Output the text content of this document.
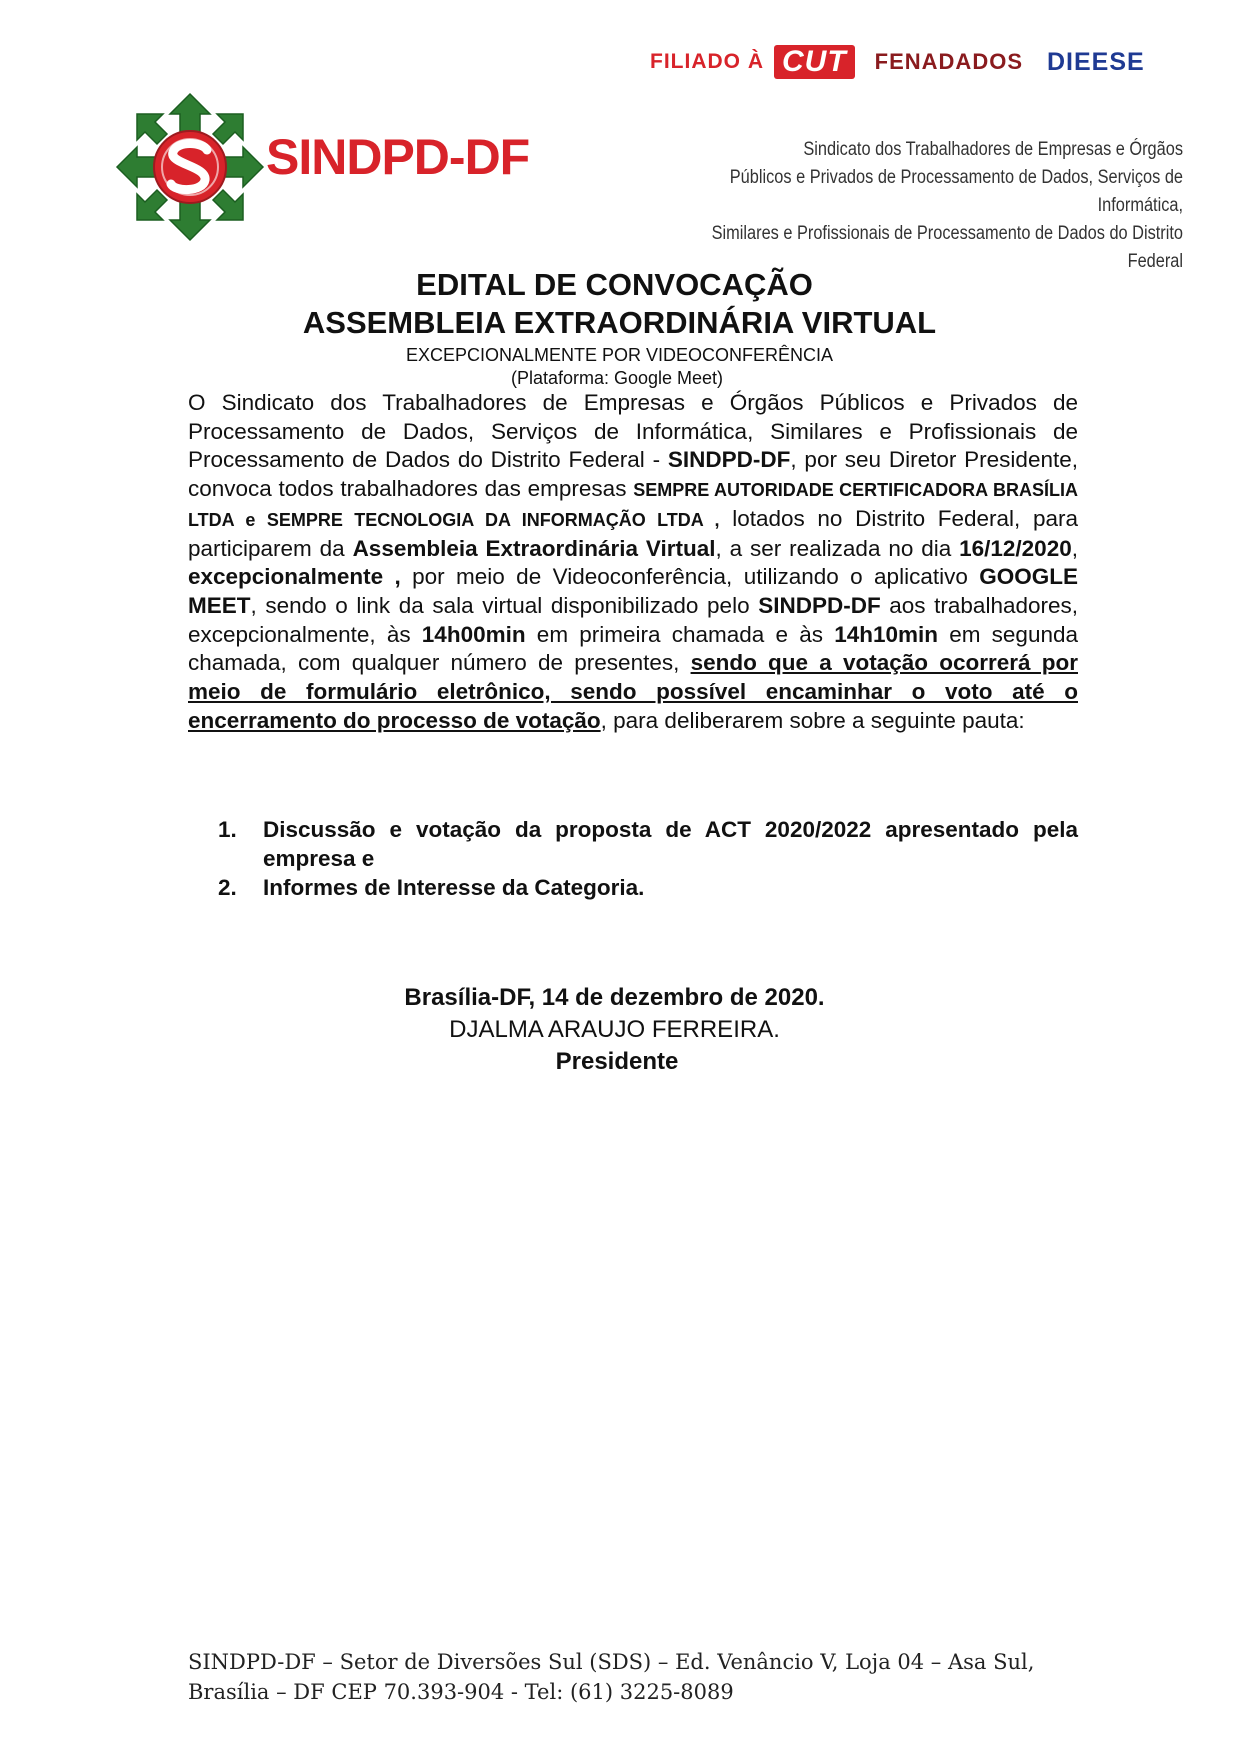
FILIADO À CUT	FENADADOS DIEESE
SINDPD-DF	Sindicato dos Trabalhadores de Empresas e Órgãos
Públicos e Privados de Processamento de Dados, Serviços de Informática,
Similares e Profissionais de Processamento de Dados do Distrito Federal
EDITAL DE CONVOCAÇÃO
ASSEMBLEIA EXTRAORDINÁRIA VIRTUAL
EXCEPCIONALMENTE POR VIDEOCONFERÊNCIA
(Plataforma: Google Meet)
O Sindicato dos Trabalhadores de Empresas e Órgãos Públicos e Privados de Processamento de Dados, Serviços de Informática, Similares e Profissionais de Processamento de Dados do Distrito Federal - SINDPD-DF, por seu Diretor Presidente, convoca todos trabalhadores das empresas SEMPRE AUTORIDADE CERTIFICADORA BRASÍLIA LTDA e SEMPRE TECNOLOGIA DA INFORMAÇÃO LTDA , lotados no Distrito Federal, para participarem da Assembleia Extraordinária Virtual, a ser realizada no dia 16/12/2020, excepcionalmente , por meio de Videoconferência, utilizando o aplicativo GOOGLE MEET, sendo o link da sala virtual disponibilizado pelo SINDPD-DF aos trabalhadores, excepcionalmente, às 14h00min em primeira chamada e às 14h10min em segunda chamada, com qualquer número de presentes, sendo que a votação ocorrerá por meio de formulário eletrônico, sendo possível encaminhar o voto até o encerramento do processo de votação, para deliberarem sobre a seguinte pauta:
1.	Discussão e votação da proposta de ACT 2020/2022 apresentado pela empresa e
2.	Informes de Interesse da Categoria.
Brasília-DF, 14 de dezembro de 2020.
DJALMA ARAUJO FERREIRA.
Presidente
SINDPD-DF – Setor de Diversões Sul (SDS) – Ed. Venâncio V, Loja 04 – Asa Sul,
Brasília – DF CEP 70.393-904 - Tel: (61) 3225-8089
